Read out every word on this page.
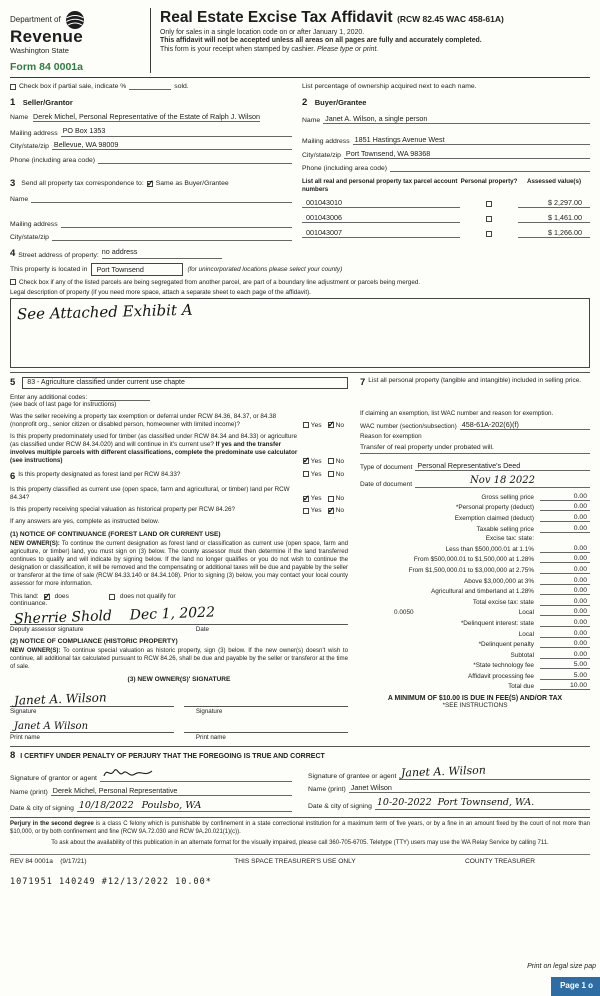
Department of
Revenue
Washington State
Form 84 0001a
Real Estate Excise Tax Affidavit (RCW 82.45 WAC 458-61A)
Only for sales in a single location code on or after January 1, 2020.
This affidavit will not be accepted unless all areas on all pages are fully and accurately completed.
This form is your receipt when stamped by cashier. Please type or print.
Check box if partial sale, indicate %	sold.	List percentage of ownership acquired next to each name.
1 Seller/Grantor
Name Derek Michel, Personal Representative of the Estate of Ralph J. Wilson
Mailing address PO Box 1353
City/state/zip Bellevue, WA 98009
Phone (including area code)
2 Buyer/Grantee
Name Janet A. Wilson, a single person
Mailing address 1851 Hastings Avenue West
City/state/zip Port Townsend, WA 98368
Phone (including area code)
3 Send all property tax correspondence to: ✓ Same as Buyer/Grantee
Name
Mailing address
City/state/zip
List all real and personal property tax parcel account numbers
Personal property?	Assessed value(s)
001043010	$ 2,297.00
001043006	$ 1,461.00
001043007	$ 1,266.00
4 Street address of property: no address
This property is located in	Port Townsend	(for unincorporated locations please select your county)
Check box if any of the listed parcels are being segregated from another parcel, are part of a boundary line adjustment or parcels being merged.
Legal description of property (if you need more space, attach a separate sheet to each page of the affidavit).
See Attached Exhibit A
5	83 - Agriculture classified under current use chapte
Enter any additional codes:
(see back of last page for instructions)
Was the seller receiving a property tax exemption or deferral under RCW 84.36, 84.37, or 84.38 (nonprofit org., senior citizen or disabled person, homeowner with limited income)?	Yes ✓	No
Is this property predominately used for timber (as classified under RCW 84.34 and 84.33) or agriculture (as classified under RCW 84.34.020) and will continue in it's current use? If yes and the transfer involves multiple parcels with different classifications, complete the predominate use calculator (see instructions) ✓	Yes	No
6 Is this property designated as forest land per RCW 84.33?	Yes	No
Is this property classified as current use (open space, farm and agricultural, or timber) land per RCW 84.34? ✓	Yes	No
Is this property receiving special valuation as historical property per RCW 84.26?	Yes ✓	No
If any answers are yes, complete as instructed below.
(1) NOTICE OF CONTINUANCE (FOREST LAND OR CURRENT USE)
NEW OWNER(S): To continue the current designation as forest land or classification as current use (open space, farm and agriculture, or timber) land, you must sign on (3) below. The county assessor must then determine if the land transferred continues to qualify and will indicate by signing below. If the land no longer qualifies or you do not wish to continue the designation or classification, it will be removed and the compensating or additional taxes will be due and payable by the seller or transferor at the time of sale (RCW 84.33.140 or 84.34.108). Prior to signing (3) below, you may contact your local county assessor for more information.
This land: ✓ does	does not qualify for
continuance.
Sherrie Shold Dec 1, 2022
Deputy assessor signature	Date
(2) NOTICE OF COMPLIANCE (HISTORIC PROPERTY)
NEW OWNER(S): To continue special valuation as historic property, sign (3) below. If the new owner(s) doesn't wish to continue, all additional tax calculated pursuant to RCW 84.26, shall be due and payable by the seller or transferor at the time of sale.
(3) NEW OWNER(S)' SIGNATURE
Janet A. Wilson
Signature	Signature
Janet A Wilson
Print name	Print name
7 List all personal property (tangible and intangible) included in selling price.
If claiming an exemption, list WAC number and reason for exemption.
WAC number (section/subsection) 458-61A-202(6)(f)
Reason for exemption
Transfer of real property under probated will.
Type of document Personal Representative's Deed
Date of document	Nov 18 2022
Gross selling price	0.00
*Personal property (deduct)	0.00
Exemption claimed (deduct)	0.00
Taxable selling price	0.00
Excise tax: state:
Less than $500,000.01 at 1.1%	0.00
From $500,000.01 to $1,500,000 at 1.28%	0.00
From $1,500,000.01 to $3,000,000 at 2.75%	0.00
Above $3,000,000 at 3%	0.00
Agricultural and timberland at 1.28%	0.00
Total excise tax: state	0.00
0.0050	Local	0.00
*Delinquent interest: state	0.00
Local	0.00
*Delinquent penalty	0.00
Subtotal	0.00
*State technology fee	5.00
Affidavit processing fee	5.00
Total due	10.00
A MINIMUM OF $10.00 IS DUE IN FEE(S) AND/OR TAX
*SEE INSTRUCTIONS
8 I CERTIFY UNDER PENALTY OF PERJURY THAT THE FOREGOING IS TRUE AND CORRECT
Signature of grantor or agent
Name (print) Derek Michel, Personal Representative
Date & city of signing 10/18/2022 Poulsbo, WA
Signature of grantee or agent Janet A. Wilson
Name (print) Janet Wilson
Date & city of signing 10-20-2022 Port Townsend, WA.
Perjury in the second degree is a class C felony which is punishable by confinement in a state correctional institution for a maximum term of five years, or by a fine in an amount fixed by the court of not more than $10,000, or by both confinement and fine (RCW 9A.72.030 and RCW 9A.20.021(1)(c)).
To ask about the availability of this publication in an alternate format for the visually impaired, please call 360-705-6705. Teletype (TTY) users may use the WA Relay Service by calling 711.
REV 84 0001a (9/17/21)	THIS SPACE TREASURER'S USE ONLY	COUNTY TREASURER
1071951 140249 #12/13/2022 10.00*
Print on legal size pap
Page 1 o
